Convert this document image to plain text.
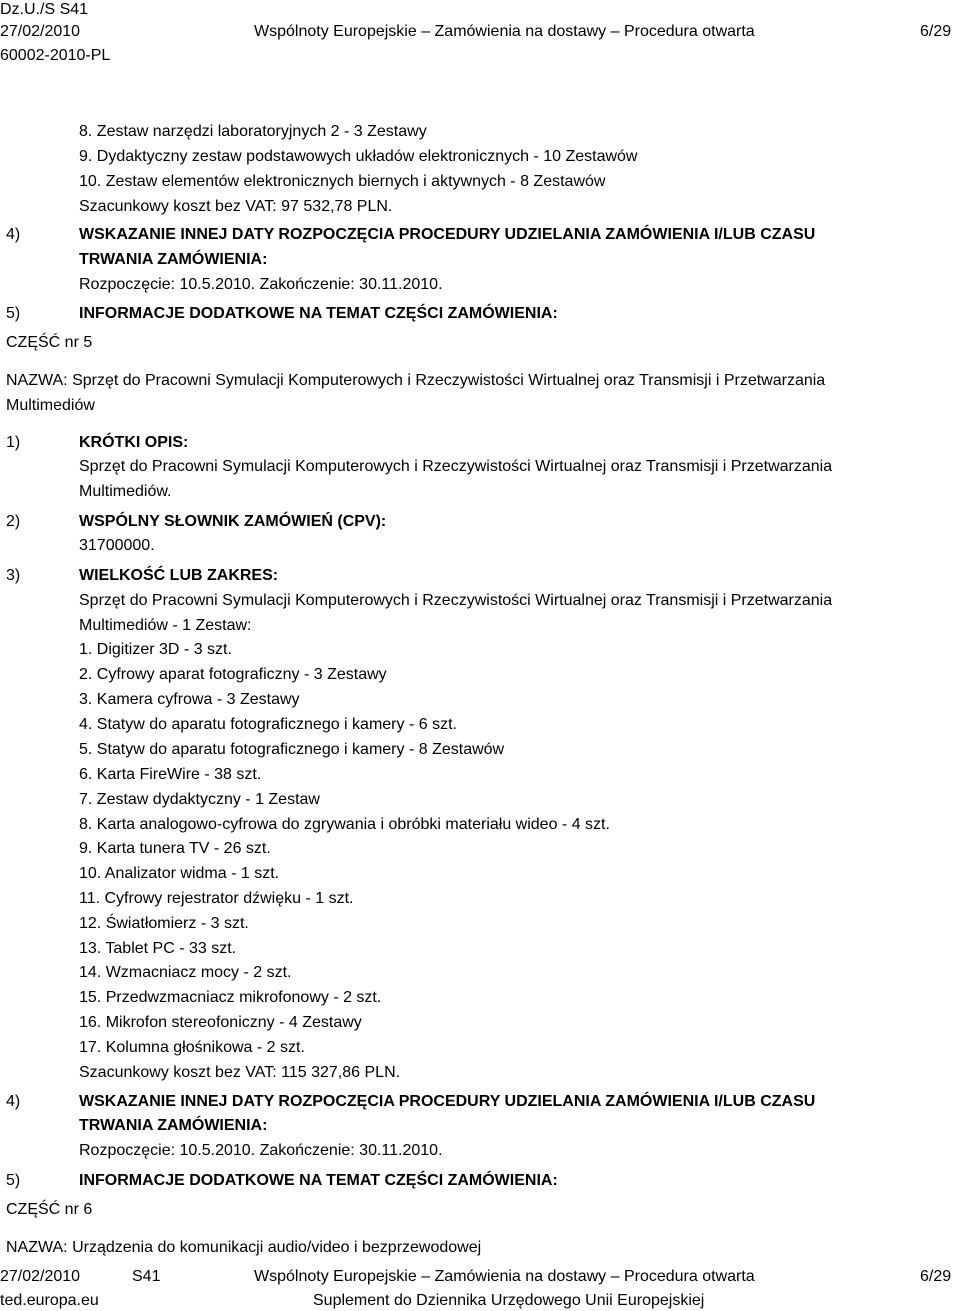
Dz.U./S S41
27/02/2010
60002-2010-PL
Wspólnoty Europejskie – Zamówienia na dostawy – Procedura otwarta	6/29
8. Zestaw narzędzi laboratoryjnych 2 - 3 Zestawy
9. Dydaktyczny zestaw podstawowych układów elektronicznych - 10 Zestawów
10. Zestaw elementów elektronicznych biernych i aktywnych - 8 Zestawów
Szacunkowy koszt bez VAT: 97 532,78 PLN.
4)	WSKAZANIE INNEJ DATY ROZPOCZĘCIA PROCEDURY UDZIELANIA ZAMÓWIENIA I/LUB CZASU
TRWANIA ZAMÓWIENIA:
Rozpoczęcie: 10.5.2010. Zakończenie: 30.11.2010.
5)	INFORMACJE DODATKOWE NA TEMAT CZĘŚCI ZAMÓWIENIA:
CZĘŚĆ nr 5
NAZWA: Sprzęt do Pracowni Symulacji Komputerowych i Rzeczywistości Wirtualnej oraz Transmisji i Przetwarzania
Multimediów
1)	KRÓTKI OPIS:
Sprzęt do Pracowni Symulacji Komputerowych i Rzeczywistości Wirtualnej oraz Transmisji i Przetwarzania
Multimediów.
2)	WSPÓLNY SŁOWNIK ZAMÓWIEŃ (CPV):
31700000.
3)	WIELKOŚĆ LUB ZAKRES:
Sprzęt do Pracowni Symulacji Komputerowych i Rzeczywistości Wirtualnej oraz Transmisji i Przetwarzania
Multimediów - 1 Zestaw:
1. Digitizer 3D - 3 szt.
2. Cyfrowy aparat fotograficzny - 3 Zestawy
3. Kamera cyfrowa - 3 Zestawy
4. Statyw do aparatu fotograficznego i kamery - 6 szt.
5. Statyw do aparatu fotograficznego i kamery - 8 Zestawów
6. Karta FireWire - 38 szt.
7. Zestaw dydaktyczny - 1 Zestaw
8. Karta analogowo-cyfrowa do zgrywania i obróbki materiału wideo - 4 szt.
9. Karta tunera TV - 26 szt.
10. Analizator widma - 1 szt.
11. Cyfrowy rejestrator dźwięku - 1 szt.
12. Światłomierz - 3 szt.
13. Tablet PC - 33 szt.
14. Wzmacniacz mocy - 2 szt.
15. Przedwzmacniacz mikrofonowy - 2 szt.
16. Mikrofon stereofoniczny - 4 Zestawy
17. Kolumna głośnikowa - 2 szt.
Szacunkowy koszt bez VAT: 115 327,86 PLN.
4)	WSKAZANIE INNEJ DATY ROZPOCZĘCIA PROCEDURY UDZIELANIA ZAMÓWIENIA I/LUB CZASU
TRWANIA ZAMÓWIENIA:
Rozpoczęcie: 10.5.2010. Zakończenie: 30.11.2010.
5)	INFORMACJE DODATKOWE NA TEMAT CZĘŚCI ZAMÓWIENIA:
CZĘŚĆ nr 6
NAZWA: Urządzenia do komunikacji audio/video i bezprzewodowej
27/02/2010	S41	Wspólnoty Europejskie – Zamówienia na dostawy – Procedura otwarta	6/29
ted.europa.eu	Suplement do Dziennika Urzędowego Unii Europejskiej
